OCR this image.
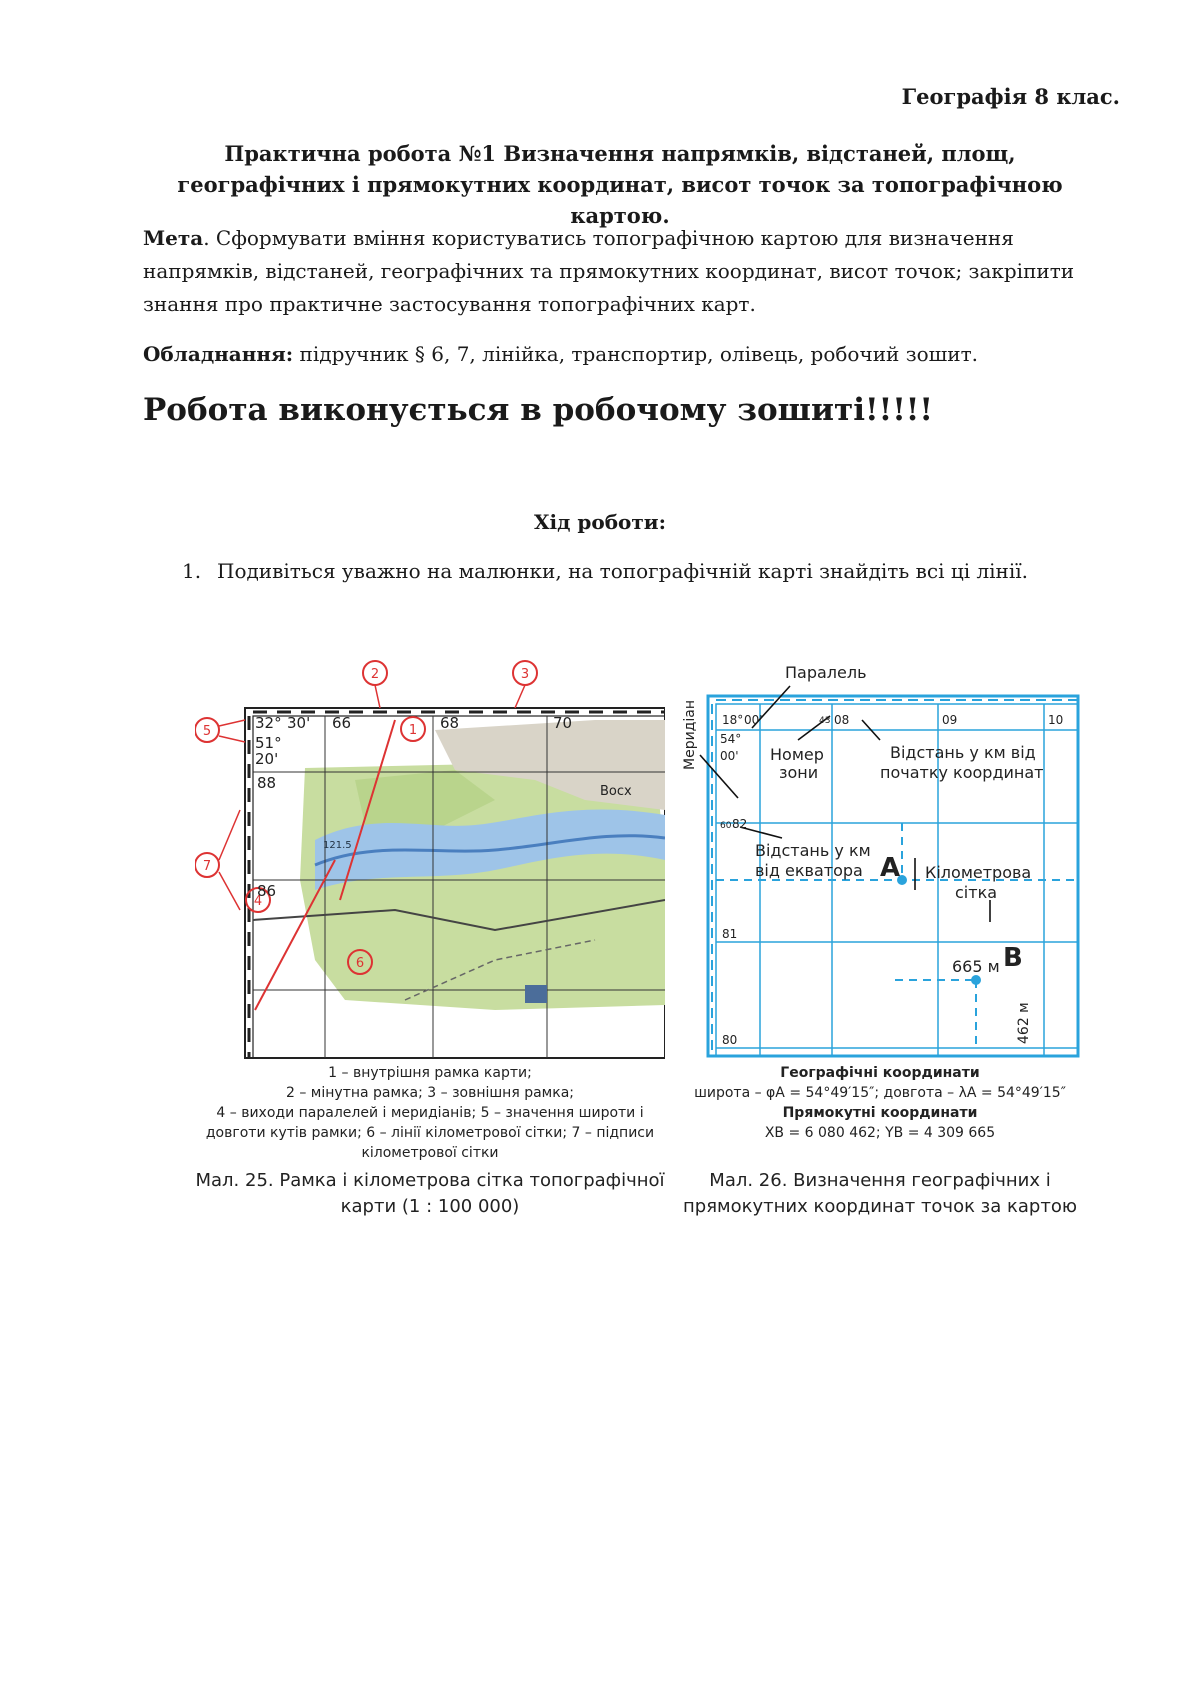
Географія 8 клас.
Практична робота №1 Визначення напрямків, відстаней, площ, географічних і прямокутних координат, висот точок за топографічною картою.
Мета. Сформувати вміння користуватись топографічною картою для визначення напрямків, відстаней, географічних та прямокутних координат, висот точок; закріпити знання про практичне застосування топографічних карт.
Обладнання: підручник § 6, 7, лінійка, транспортир, олівець, робочий зошит.
Робота виконується в робочому зошиті!!!!!
Хід роботи:
1. Подивіться уважно на малюнки, на топографічній карті знайдіть всі ці лінії.
2	3
1
5
7
4
6
32° 30'
51°
20'
66	68	70
88
86
Восх
121.5
1 – внутрішня рамка карти;
2 – мінутна рамка; 3 – зовнішня рамка;
4 – виходи паралелей і меридіанів; 5 – значення широти і
довготи кутів рамки; 6 – лінії кілометрової сітки; 7 – підписи
кілометрової сітки
Мал. 25. Рамка і кілометрова сітка топографічної
карти (1 : 100 000)
Паралель
Номер
зони
Відстань у км від
початку координат
Відстань у км
від екватора	Кілометрова
сітка
665 м
462 м
Меридіан
A
B
18° 00'
54°
00'
43 08	09	10
60 82
81
80
Географічні координати
широта – φA = 54°49′15″; довгота – λA = 54°49′15″
Прямокутні координати
XB = 6 080 462; YB = 4 309 665
Мал. 26. Визначення географічних і
прямокутних координат точок за картою
